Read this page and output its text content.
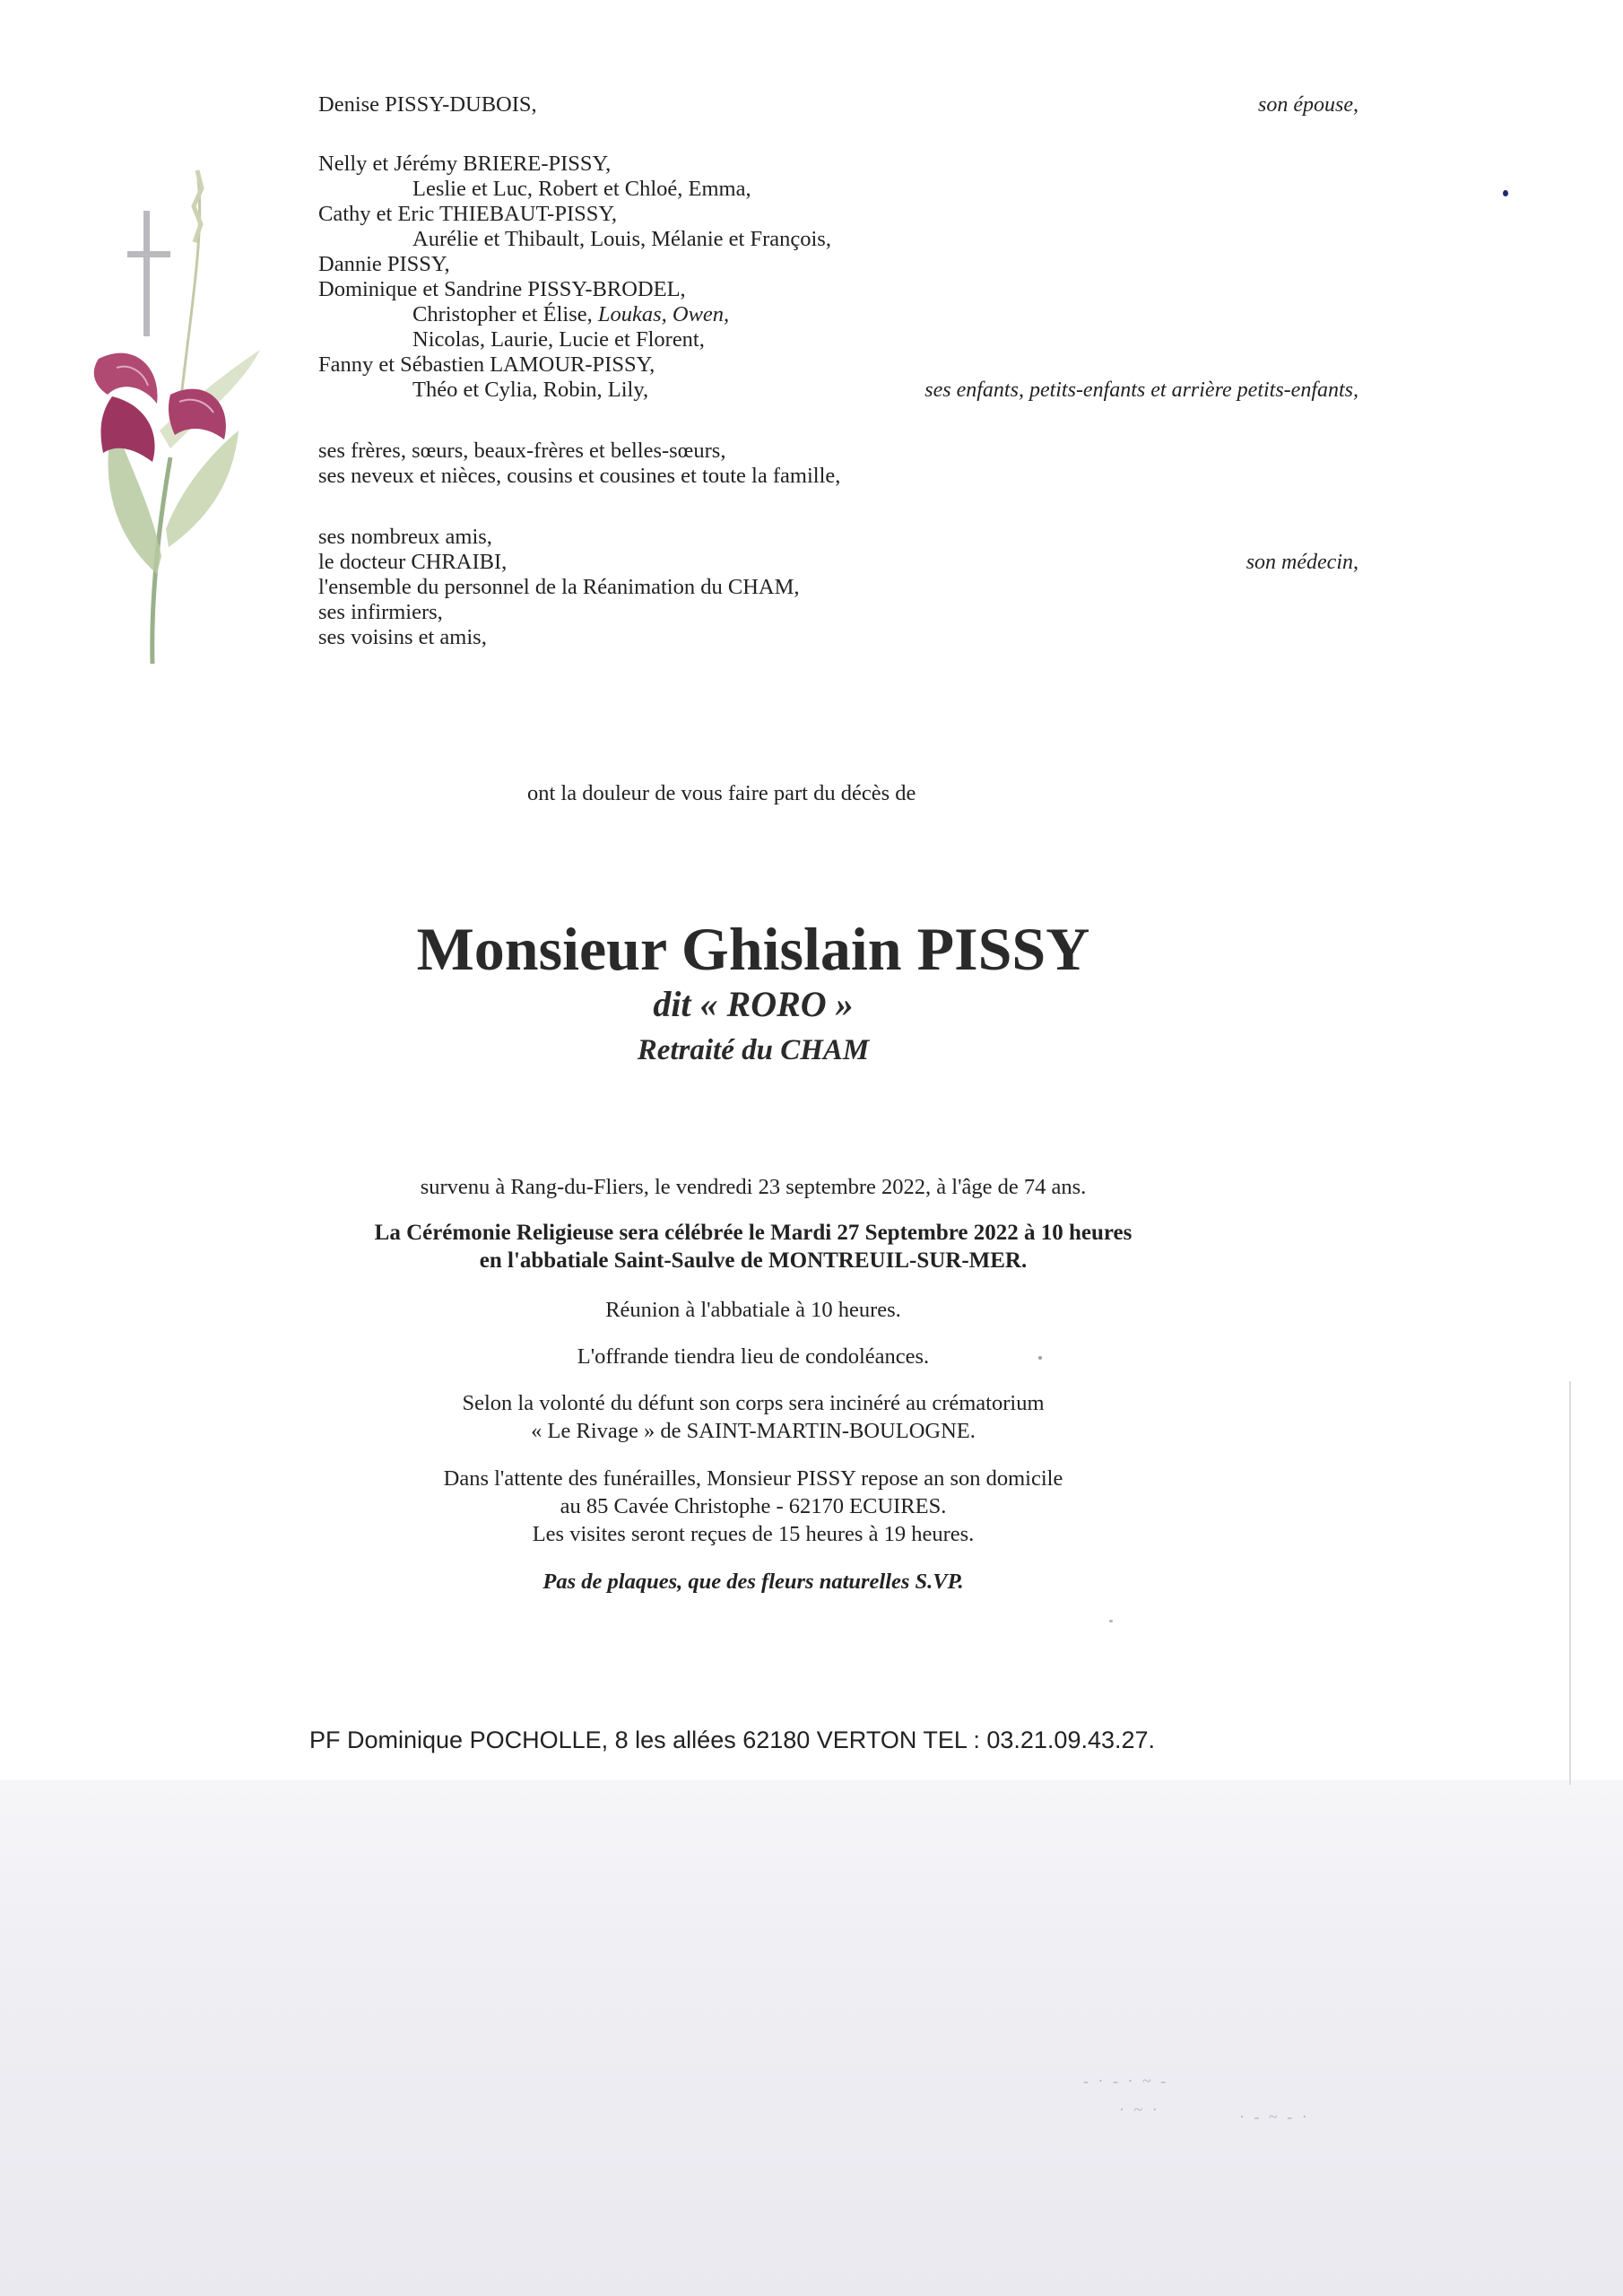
- · - · ~ -
· ~ ·	· - ~ - ·
Denise PISSY-DUBOIS,	son épouse,
Nelly et Jérémy BRIERE-PISSY,
Leslie et Luc, Robert et Chloé, Emma,
Cathy et Eric THIEBAUT-PISSY,
Aurélie et Thibault, Louis, Mélanie et François,
Dannie PISSY,
Dominique et Sandrine PISSY-BRODEL,
Christopher et Élise, Loukas, Owen,
Nicolas, Laurie, Lucie et Florent,
Fanny et Sébastien LAMOUR-PISSY,
Théo et Cylia, Robin, Lily,	ses enfants, petits-enfants et arrière petits-enfants,
ses frères, sœurs, beaux-frères et belles-sœurs,
ses neveux et nièces, cousins et cousines et toute la famille,
ses nombreux amis,
le docteur CHRAIBI,	son médecin,
l'ensemble du personnel de la Réanimation du CHAM,
ses infirmiers,
ses voisins et amis,
ont la douleur de vous faire part du décès de
Monsieur Ghislain PISSY
dit « RORO »
Retraité du CHAM
survenu à Rang-du-Fliers, le vendredi 23 septembre 2022, à l'âge de 74 ans.
La Cérémonie Religieuse sera célébrée le Mardi 27 Septembre 2022 à 10 heures
en l'abbatiale Saint-Saulve de MONTREUIL-SUR-MER.
Réunion à l'abbatiale à 10 heures.
L'offrande tiendra lieu de condoléances.
Selon la volonté du défunt son corps sera incinéré au crématorium
« Le Rivage » de SAINT-MARTIN-BOULOGNE.
Dans l'attente des funérailles, Monsieur PISSY repose an son domicile
au 85 Cavée Christophe - 62170 ECUIRES.
Les visites seront reçues de 15 heures à 19 heures.
Pas de plaques, que des fleurs naturelles S.VP.
PF Dominique POCHOLLE, 8 les allées 62180 VERTON TEL : 03.21.09.43.27.
